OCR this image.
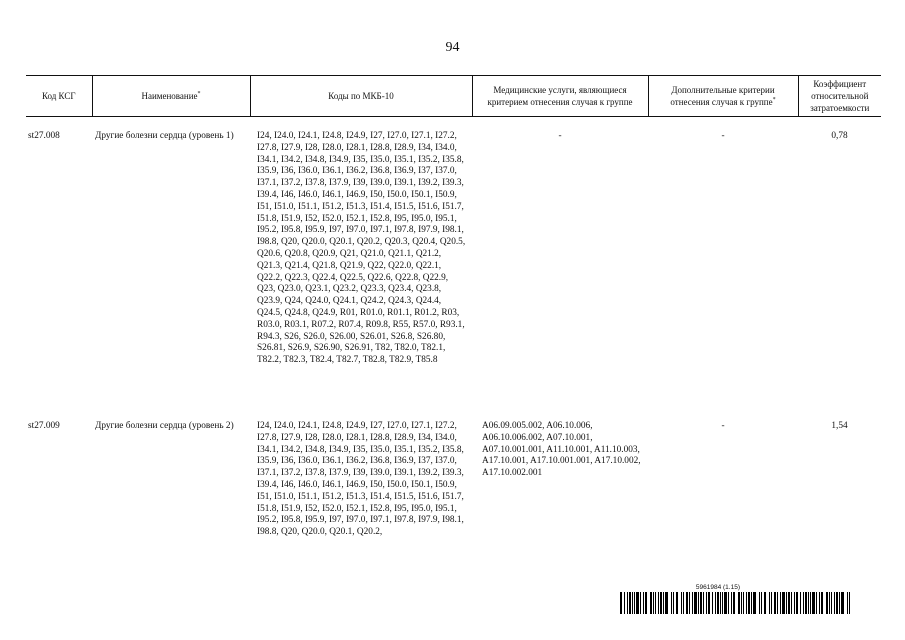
94
Код КСГ	Наименование*	Коды по МКБ-10	Медицинские услуги, являющиеся критерием отнесения случая к группе	Дополнительные критерии отнесения случая к группе*	Коэффициент относительной затратоемкости

st27.008	Другие болезни сердца (уровень 1)	I24, I24.0, I24.1, I24.8, I24.9, I27, I27.0, I27.1, I27.2, I27.8, I27.9, I28, I28.0, I28.1, I28.8, I28.9, I34, I34.0, I34.1, I34.2, I34.8, I34.9, I35, I35.0, I35.1, I35.2, I35.8, I35.9, I36, I36.0, I36.1, I36.2, I36.8, I36.9, I37, I37.0, I37.1, I37.2, I37.8, I37.9, I39, I39.0, I39.1, I39.2, I39.3, I39.4, I46, I46.0, I46.1, I46.9, I50, I50.0, I50.1, I50.9, I51, I51.0, I51.1, I51.2, I51.3, I51.4, I51.5, I51.6, I51.7, I51.8, I51.9, I52, I52.0, I52.1, I52.8, I95, I95.0, I95.1, I95.2, I95.8, I95.9, I97, I97.0, I97.1, I97.8, I97.9, I98.1, I98.8, Q20, Q20.0, Q20.1, Q20.2, Q20.3, Q20.4, Q20.5, Q20.6, Q20.8, Q20.9, Q21, Q21.0, Q21.1, Q21.2, Q21.3, Q21.4, Q21.8, Q21.9, Q22, Q22.0, Q22.1, Q22.2, Q22.3, Q22.4, Q22.5, Q22.6, Q22.8, Q22.9, Q23, Q23.0, Q23.1, Q23.2, Q23.3, Q23.4, Q23.8, Q23.9, Q24, Q24.0, Q24.1, Q24.2, Q24.3, Q24.4, Q24.5, Q24.8, Q24.9, R01, R01.0, R01.1, R01.2, R03, R03.0, R03.1, R07.2, R07.4, R09.8, R55, R57.0, R93.1, R94.3, S26, S26.0, S26.00, S26.01, S26.8, S26.80, S26.81, S26.9, S26.90, S26.91, T82, T82.0, T82.1, T82.2, T82.3, T82.4, T82.7, T82.8, T82.9, T85.8	-	-	0,78
st27.009	Другие болезни сердца (уровень 2)	I24, I24.0, I24.1, I24.8, I24.9, I27, I27.0, I27.1, I27.2, I27.8, I27.9, I28, I28.0, I28.1, I28.8, I28.9, I34, I34.0, I34.1, I34.2, I34.8, I34.9, I35, I35.0, I35.1, I35.2, I35.8, I35.9, I36, I36.0, I36.1, I36.2, I36.8, I36.9, I37, I37.0, I37.1, I37.2, I37.8, I37.9, I39, I39.0, I39.1, I39.2, I39.3, I39.4, I46, I46.0, I46.1, I46.9, I50, I50.0, I50.1, I50.9, I51, I51.0, I51.1, I51.2, I51.3, I51.4, I51.5, I51.6, I51.7, I51.8, I51.9, I52, I52.0, I52.1, I52.8, I95, I95.0, I95.1, I95.2, I95.8, I95.9, I97, I97.0, I97.1, I97.8, I97.9, I98.1, I98.8, Q20, Q20.0, Q20.1, Q20.2,	A06.09.005.002, A06.10.006, A06.10.006.002, A07.10.001, A07.10.001.001, A11.10.001, A11.10.003, A17.10.001, A17.10.001.001, A17.10.002, A17.10.002.001	-	1,54
5961984 (1.15)
